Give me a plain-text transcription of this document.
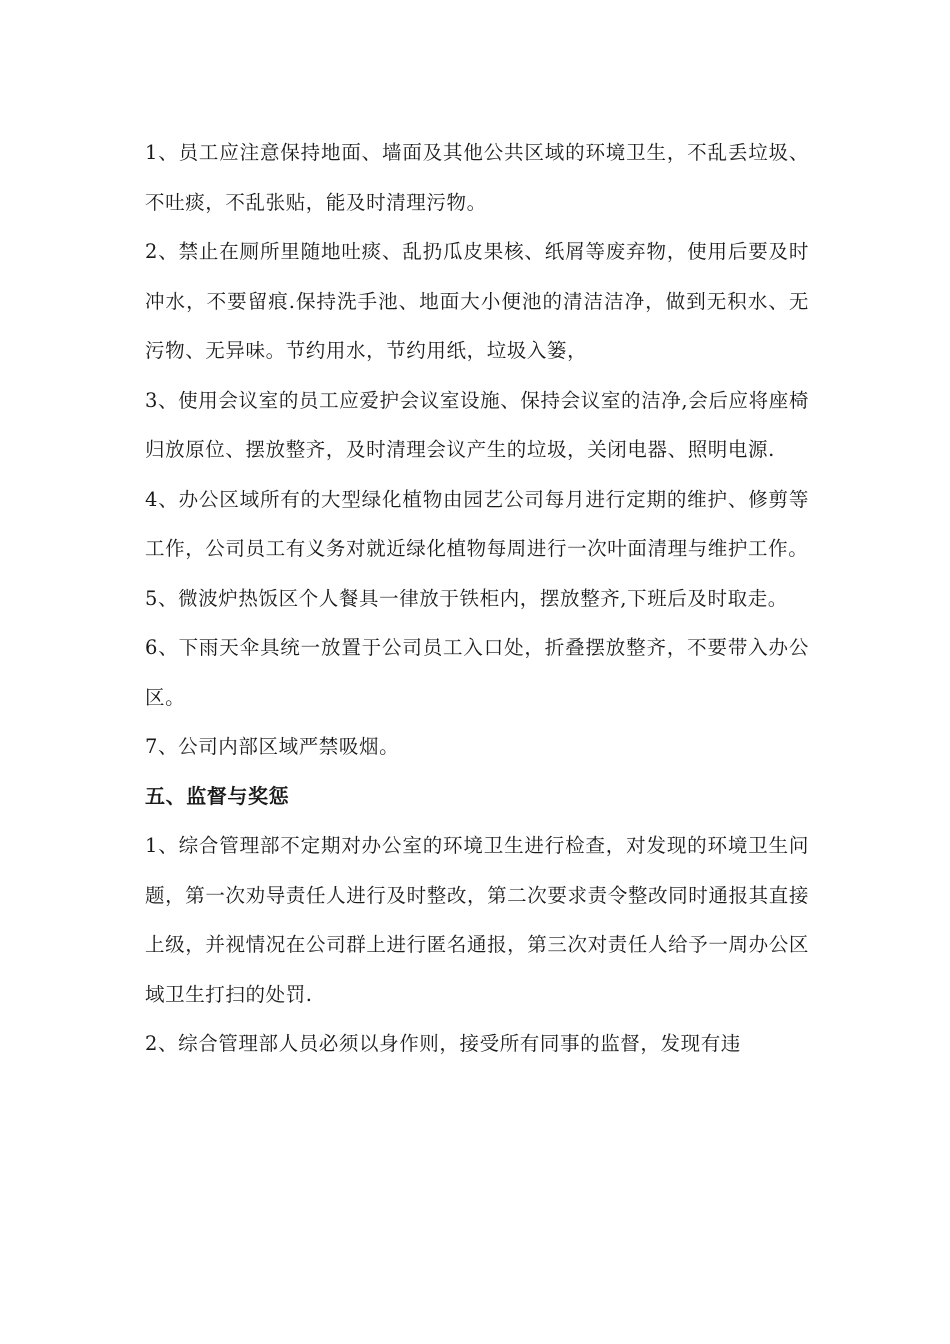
1、员工应注意保持地面、墙面及其他公共区域的环境卫生，不乱丢垃圾、不吐痰，不乱张贴，能及时清理污物。

2、禁止在厕所里随地吐痰、乱扔瓜皮果核、纸屑等废弃物，使用后要及时冲水，不要留痕.保持洗手池、地面大小便池的清洁洁净，做到无积水、无污物、无异味。节约用水，节约用纸，垃圾入篓，

3、使用会议室的员工应爱护会议室设施、保持会议室的洁净,会后应将座椅归放原位、摆放整齐，及时清理会议产生的垃圾，关闭电器、照明电源.

4、办公区域所有的大型绿化植物由园艺公司每月进行定期的维护、修剪等工作，公司员工有义务对就近绿化植物每周进行一次叶面清理与维护工作。

5、微波炉热饭区个人餐具一律放于铁柜内，摆放整齐,下班后及时取走。

6、下雨天伞具统一放置于公司员工入口处，折叠摆放整齐，不要带入办公区。

7、公司内部区域严禁吸烟。

五、监督与奖惩

1、综合管理部不定期对办公室的环境卫生进行检查，对发现的环境卫生问题，第一次劝导责任人进行及时整改，第二次要求责令整改同时通报其直接上级，并视情况在公司群上进行匿名通报，第三次对责任人给予一周办公区域卫生打扫的处罚.

2、综合管理部人员必须以身作则，接受所有同事的监督，发现有违
